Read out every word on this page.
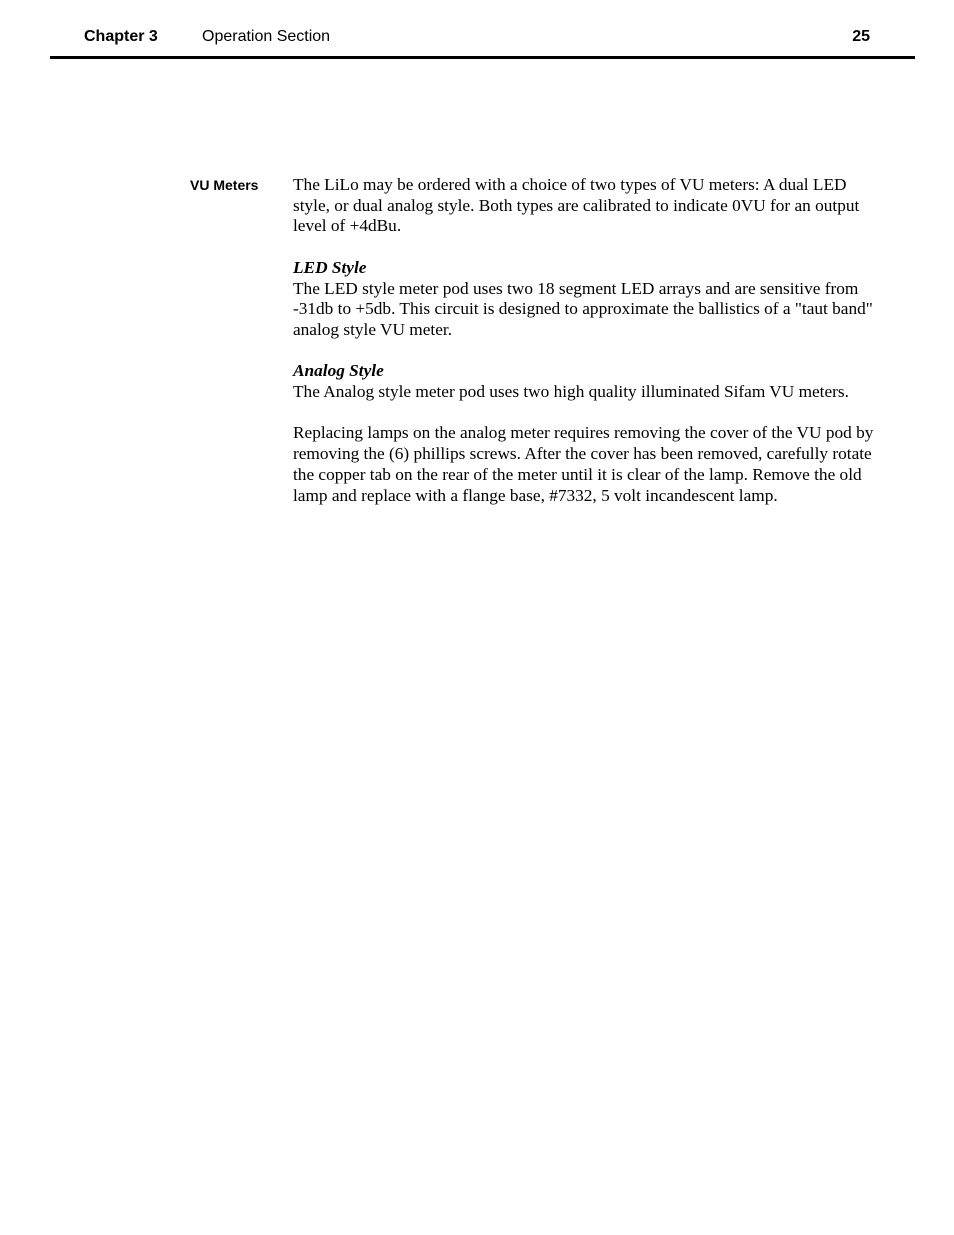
Chapter 3	Operation Section	25
VU Meters The LiLo may be ordered with a choice of two types of VU meters: A dual LED style, or dual analog style. Both types are calibrated to indicate 0VU for an output level of +4dBu.

LED Style
The LED style meter pod uses two 18 segment LED arrays and are sensitive from -31db to +5db. This circuit is designed to approximate the ballistics of a "taut band" analog style VU meter.

Analog Style
The Analog style meter pod uses two high quality illuminated Sifam VU meters.

Replacing lamps on the analog meter requires removing the cover of the VU pod by removing the (6) phillips screws. After the cover has been removed, carefully rotate the copper tab on the rear of the meter until it is clear of the lamp. Remove the old lamp and replace with a flange base, #7332, 5 volt incandescent lamp.
